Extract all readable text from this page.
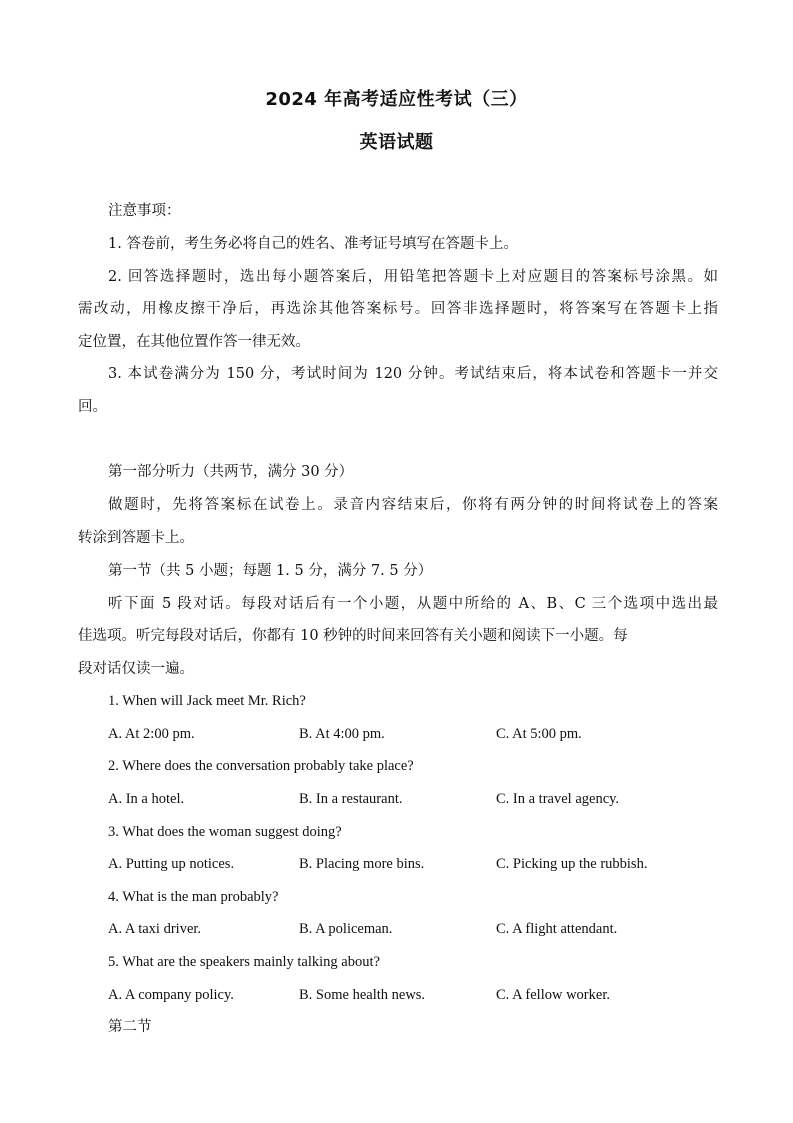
2024 年高考适应性考试（三）
英语试题
注意事项：
1. 答卷前，考生务必将自己的姓名、准考证号填写在答题卡上。
2. 回答选择题时，选出每小题答案后，用铅笔把答题卡上对应题目的答案标号涂黑。如
需改动，用橡皮擦干净后，再选涂其他答案标号。回答非选择题时，将答案写在答题卡上指
定位置，在其他位置作答一律无效。
3. 本试卷满分为 150 分，考试时间为 120 分钟。考试结束后，将本试卷和答题卡一并交
回。
第一部分听力（共两节，满分 30 分）
做题时，先将答案标在试卷上。录音内容结束后，你将有两分钟的时间将试卷上的答案
转涂到答题卡上。
第一节（共 5 小题；每题 1. 5 分，满分 7. 5 分）
听下面 5 段对话。每段对话后有一个小题，从题中所给的 A、B、C 三个选项中选出最
佳选项。听完每段对话后，你都有 10 秒钟的时间来回答有关小题和阅读下一小题。每
段对话仅读一遍。
1. When will Jack meet Mr. Rich?
A. At 2:00 pm.	B. At 4:00 pm.	C. At 5:00 pm.
2. Where does the conversation probably take place?
A. In a hotel.	B. In a restaurant.	C. In a travel agency.
3. What does the woman suggest doing?
A. Putting up notices.	B. Placing more bins.	C. Picking up the rubbish.
4. What is the man probably?
A. A taxi driver.	B. A policeman.	C. A flight attendant.
5. What are the speakers mainly talking about?
A. A company policy.	B. Some health news.	C. A fellow worker.
第二节
